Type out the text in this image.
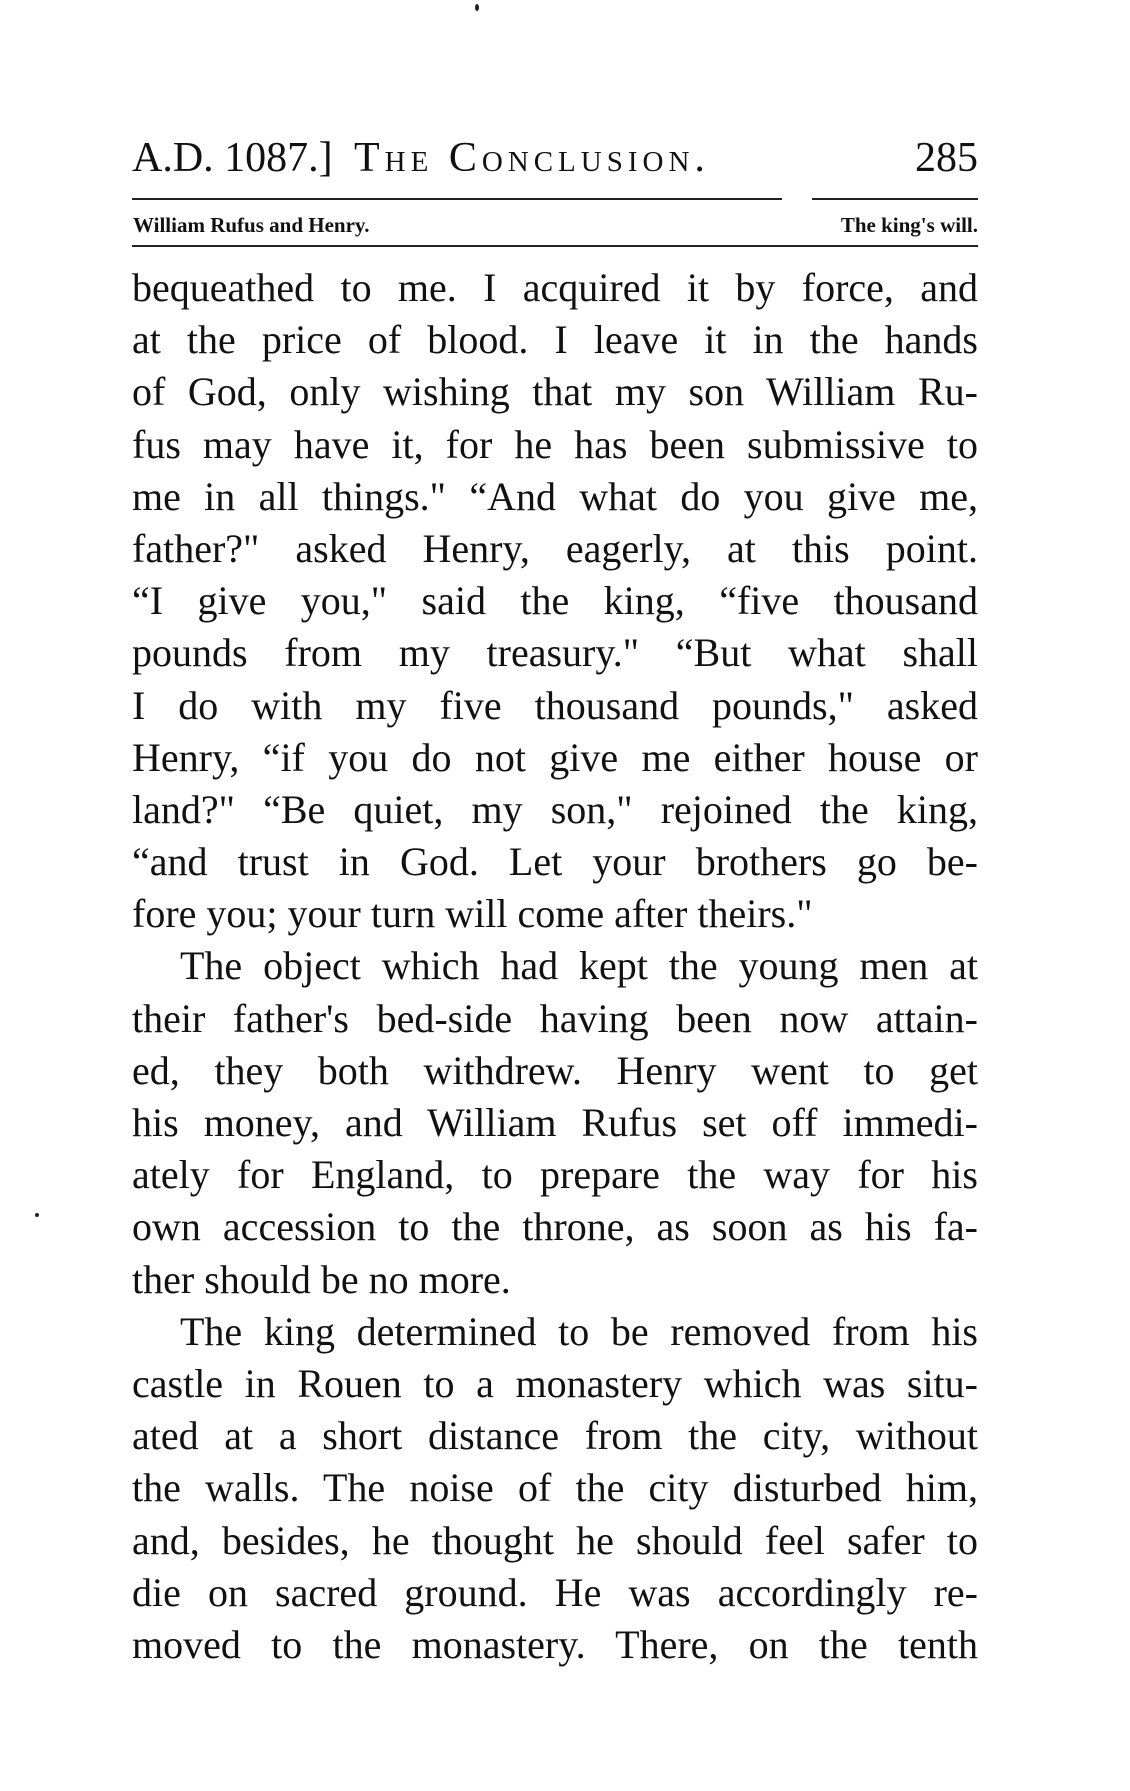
A.D. 1087.] The Conclusion.	285
William Rufus and Henry.	The king's will.
bequeathed to me. I acquired it by force, and
at the price of blood. I leave it in the hands
of God, only wishing that my son William Ru-
fus may have it, for he has been submissive to
me in all things." “And what do you give me,
father?" asked Henry, eagerly, at this point.
“I give you," said the king, “five thousand
pounds from my treasury." “But what shall
I do with my five thousand pounds," asked
Henry, “if you do not give me either house or
land?" “Be quiet, my son," rejoined the king,
“and trust in God. Let your brothers go be-
fore you; your turn will come after theirs."
The object which had kept the young men at
their father's bed-side having been now attain-
ed, they both withdrew. Henry went to get
his money, and William Rufus set off immedi-
ately for England, to prepare the way for his
own accession to the throne, as soon as his fa-
ther should be no more.
The king determined to be removed from his
castle in Rouen to a monastery which was situ-
ated at a short distance from the city, without
the walls. The noise of the city disturbed him,
and, besides, he thought he should feel safer to
die on sacred ground. He was accordingly re-
moved to the monastery. There, on the tenth
